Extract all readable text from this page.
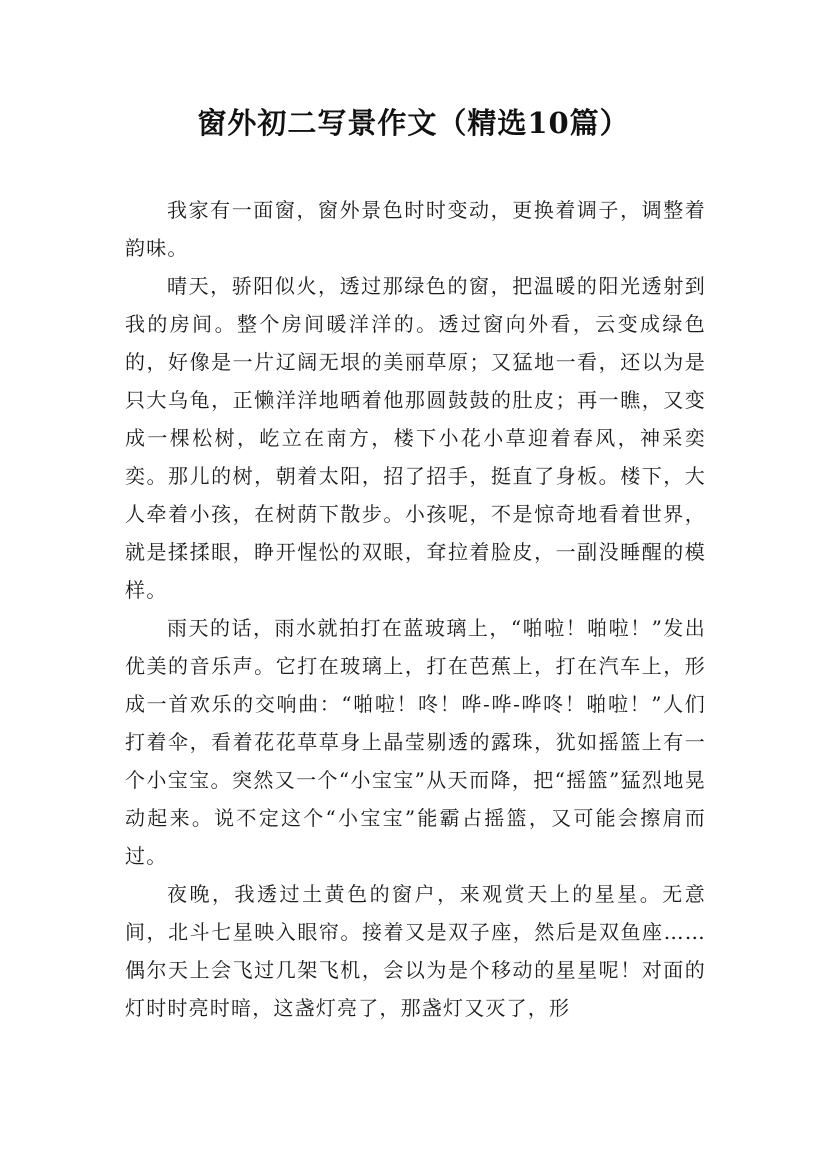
窗外初二写景作文（精选10篇）

我家有一面窗，窗外景色时时变动，更换着调子，调整着韵味。

晴天，骄阳似火，透过那绿色的窗，把温暖的阳光透射到我的房间。整个房间暖洋洋的。透过窗向外看，云变成绿色的，好像是一片辽阔无垠的美丽草原；又猛地一看，还以为是只大乌龟，正懒洋洋地晒着他那圆鼓鼓的肚皮；再一瞧，又变成一棵松树，屹立在南方，楼下小花小草迎着春风，神采奕奕。那儿的树，朝着太阳，招了招手，挺直了身板。楼下，大人牵着小孩，在树荫下散步。小孩呢，不是惊奇地看着世界，就是揉揉眼，睁开惺忪的双眼，耷拉着脸皮，一副没睡醒的模样。

雨天的话，雨水就拍打在蓝玻璃上，“啪啦！啪啦！”发出优美的音乐声。它打在玻璃上，打在芭蕉上，打在汽车上，形成一首欢乐的交响曲：“啪啦！咚！哗-哗-哗咚！啪啦！”人们打着伞，看着花花草草身上晶莹剔透的露珠，犹如摇篮上有一个小宝宝。突然又一个“小宝宝”从天而降，把“摇篮”猛烈地晃动起来。说不定这个“小宝宝”能霸占摇篮，又可能会擦肩而过。

夜晚，我透过土黄色的窗户，来观赏天上的星星。无意间，北斗七星映入眼帘。接着又是双子座，然后是双鱼座……偶尔天上会飞过几架飞机，会以为是个移动的星星呢！对面的灯时时亮时暗，这盏灯亮了，那盏灯又灭了，形
